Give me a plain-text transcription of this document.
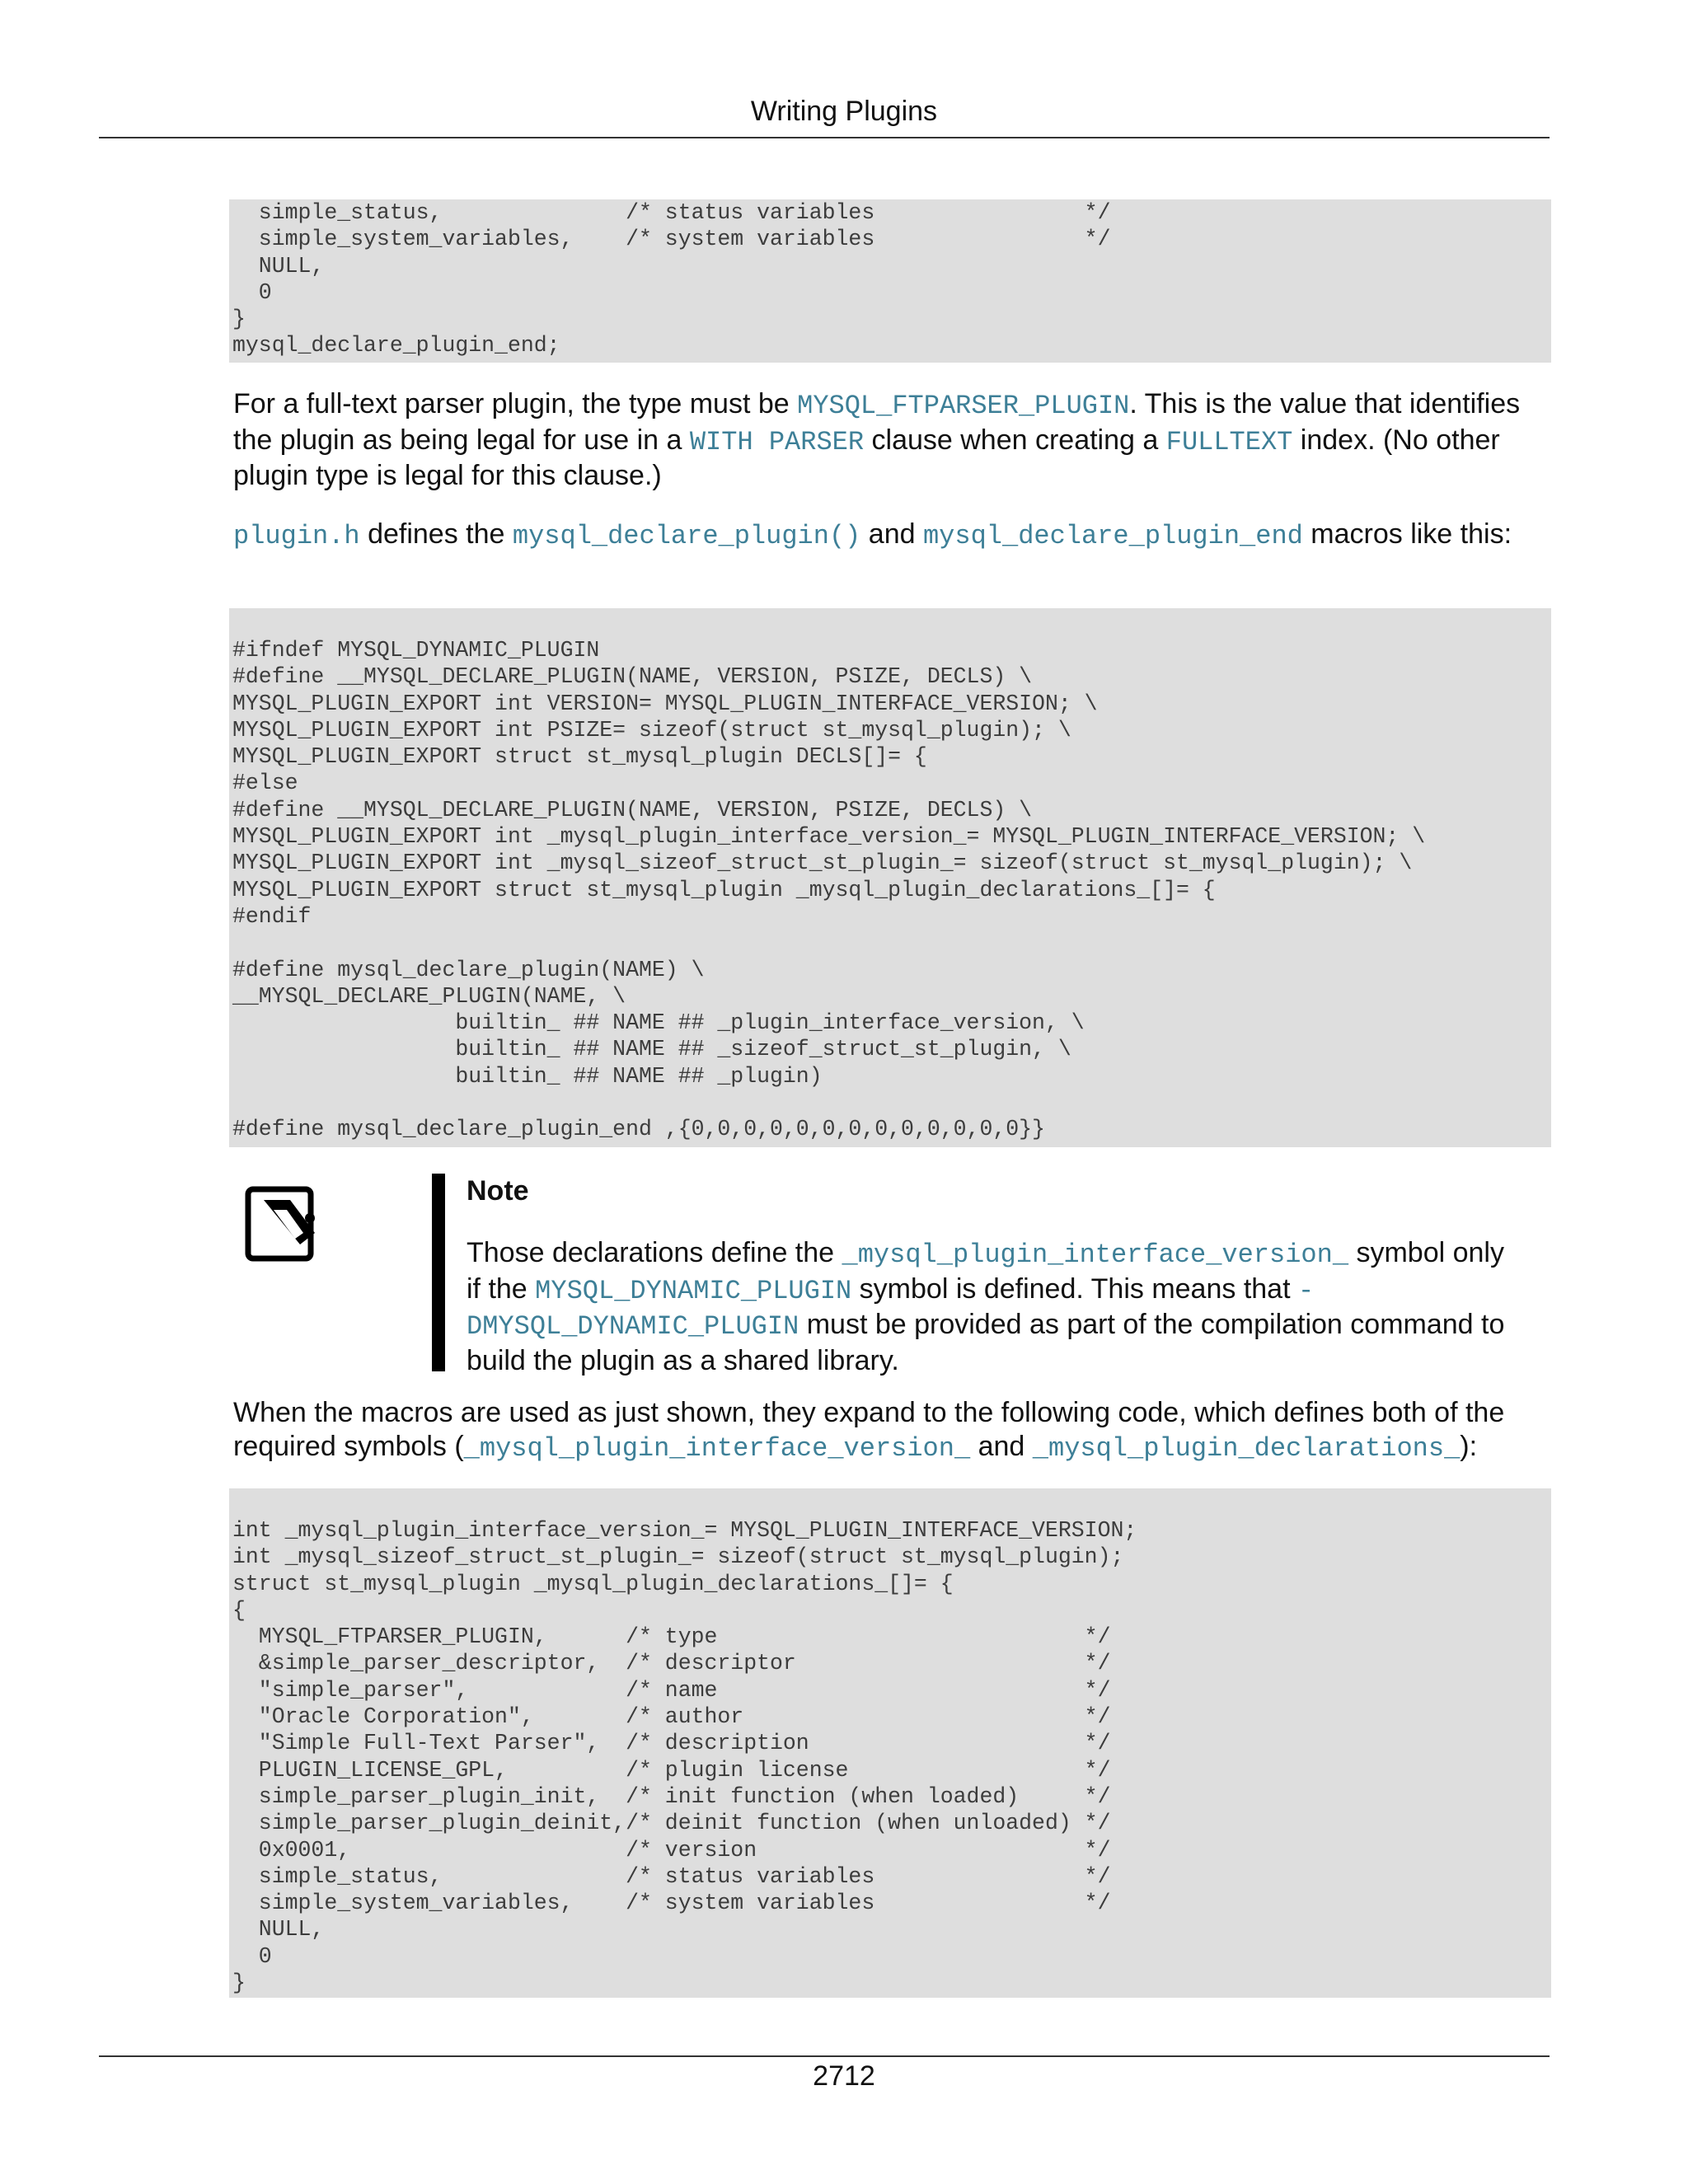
Writing Plugins
simple_status,              /* status variables                */
simple_system_variables,    /* system variables                */
NULL,
0
}
mysql_declare_plugin_end;

For a full-text parser plugin, the type must be MYSQL_FTPARSER_PLUGIN. This is the value that identifies the plugin as being legal for use in a WITH PARSER clause when creating a FULLTEXT index. (No other plugin type is legal for this clause.)

plugin.h defines the mysql_declare_plugin() and mysql_declare_plugin_end macros like this:

#ifndef MYSQL_DYNAMIC_PLUGIN
#define __MYSQL_DECLARE_PLUGIN(NAME, VERSION, PSIZE, DECLS) \
MYSQL_PLUGIN_EXPORT int VERSION= MYSQL_PLUGIN_INTERFACE_VERSION; \
MYSQL_PLUGIN_EXPORT int PSIZE= sizeof(struct st_mysql_plugin); \
MYSQL_PLUGIN_EXPORT struct st_mysql_plugin DECLS[]= {
#else
#define __MYSQL_DECLARE_PLUGIN(NAME, VERSION, PSIZE, DECLS) \
MYSQL_PLUGIN_EXPORT int _mysql_plugin_interface_version_= MYSQL_PLUGIN_INTERFACE_VERSION; \
MYSQL_PLUGIN_EXPORT int _mysql_sizeof_struct_st_plugin_= sizeof(struct st_mysql_plugin); \
MYSQL_PLUGIN_EXPORT struct st_mysql_plugin _mysql_plugin_declarations_[]= {
#endif

#define mysql_declare_plugin(NAME) \
__MYSQL_DECLARE_PLUGIN(NAME, \
builtin_ ## NAME ## _plugin_interface_version, \
builtin_ ## NAME ## _sizeof_struct_st_plugin, \
builtin_ ## NAME ## _plugin)

#define mysql_declare_plugin_end ,{0,0,0,0,0,0,0,0,0,0,0,0,0}}
Note

Those declarations define the _mysql_plugin_interface_version_ symbol only if the MYSQL_DYNAMIC_PLUGIN symbol is defined. This means that -DMYSQL_DYNAMIC_PLUGIN must be provided as part of the compilation command to build the plugin as a shared library.

When the macros are used as just shown, they expand to the following code, which defines both of the required symbols (_mysql_plugin_interface_version_ and _mysql_plugin_declarations_):

int _mysql_plugin_interface_version_= MYSQL_PLUGIN_INTERFACE_VERSION;
int _mysql_sizeof_struct_st_plugin_= sizeof(struct st_mysql_plugin);
struct st_mysql_plugin _mysql_plugin_declarations_[]= {
{
MYSQL_FTPARSER_PLUGIN,      /* type                            */
&simple_parser_descriptor,  /* descriptor                      */
"simple_parser",            /* name                            */
"Oracle Corporation",       /* author                          */
"Simple Full-Text Parser",  /* description                     */
PLUGIN_LICENSE_GPL,         /* plugin license                  */
simple_parser_plugin_init,  /* init function (when loaded)     */
simple_parser_plugin_deinit,/* deinit function (when unloaded) */
0x0001,                     /* version                         */
simple_status,              /* status variables                */
simple_system_variables,    /* system variables                */
NULL,
0
}
2712
